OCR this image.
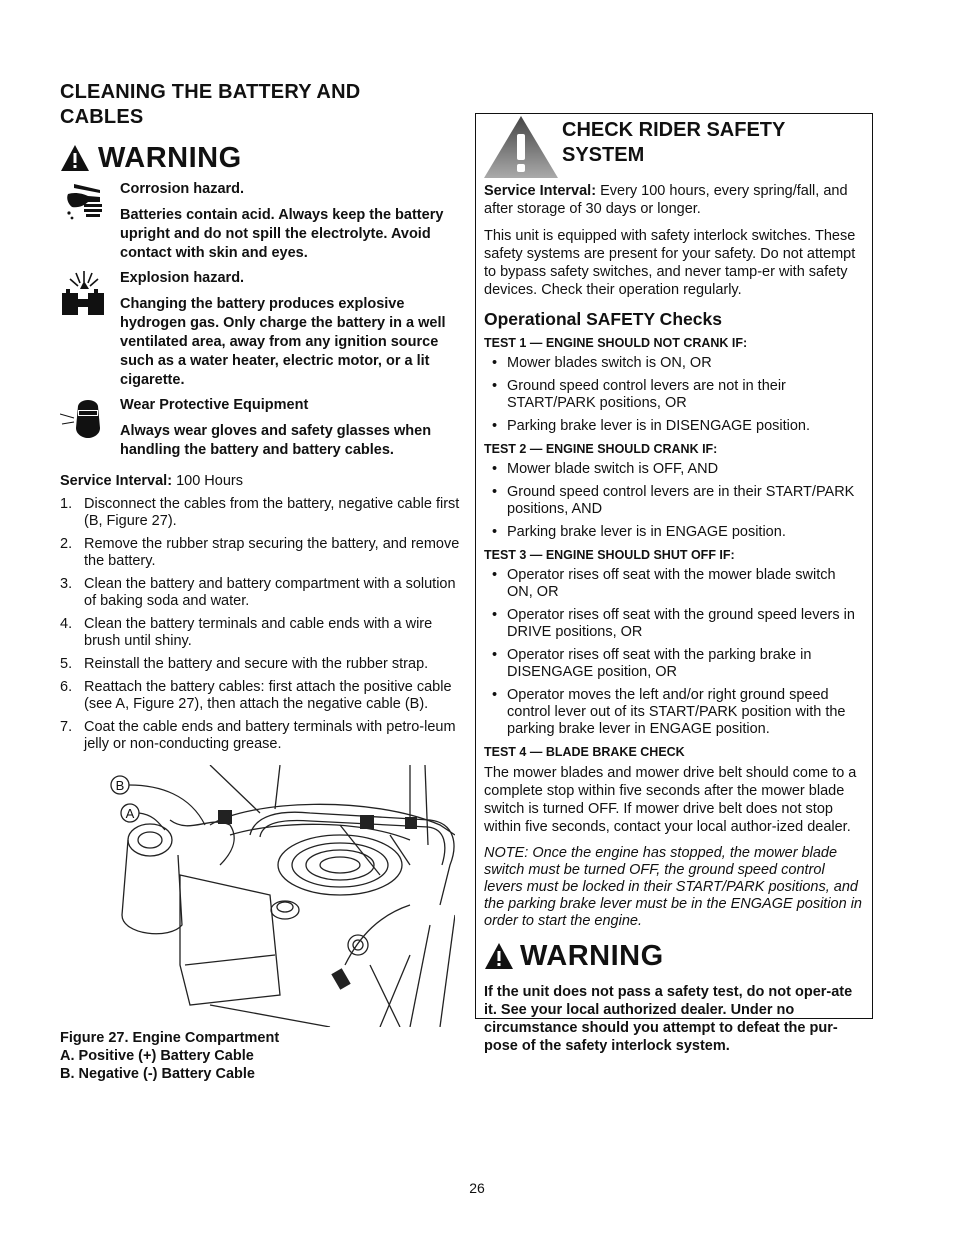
CLEANING THE BATTERY AND
CABLES
WARNING
Corrosion hazard.
Batteries contain acid. Always keep the battery upright and do not spill the electrolyte. Avoid contact with skin and eyes.
Explosion hazard.
Changing the battery produces explosive hydrogen gas. Only charge the battery in a well ventilated area, away from any ignition source such as a water heater, electric motor, or a lit cigarette.
Wear Protective Equipment
Always wear gloves and safety glasses when handling the battery and battery cables.
Service Interval: 100 Hours
1. Disconnect the cables from the battery, negative cable first (B, Figure 27).
2. Remove the rubber strap securing the battery, and remove the battery.
3. Clean the battery and battery compartment with a solution of baking soda and water.
4. Clean the battery terminals and cable ends with a wire brush until shiny.
5. Reinstall the battery and secure with the rubber strap.
6. Reattach the battery cables: first attach the positive cable (see A, Figure 27), then attach the negative cable (B).
7. Coat the cable ends and battery terminals with petro-leum jelly or non-conducting grease.
B
A
Figure 27. Engine Compartment
A. Positive (+) Battery Cable
B. Negative (-) Battery Cable
CHECK RIDER SAFETY
SYSTEM

Service Interval: Every 100 hours, every spring/fall, and after storage of 30 days or longer.

This unit is equipped with safety interlock switches. These safety systems are present for your safety. Do not attempt to bypass safety switches, and never tamp-er with safety devices. Check their operation regularly.

Operational SAFETY Checks
TEST 1 — ENGINE SHOULD NOT CRANK IF:
• Mower blades switch is ON, OR
• Ground speed control levers are not in their START/PARK positions, OR
• Parking brake lever is in DISENGAGE position.
TEST 2 — ENGINE SHOULD CRANK IF:
• Mower blade switch is OFF, AND
• Ground speed control levers are in their START/PARK positions, AND
• Parking brake lever is in ENGAGE position.
TEST 3 — ENGINE SHOULD SHUT OFF IF:
• Operator rises off seat with the mower blade switch ON, OR
• Operator rises off seat with the ground speed levers in DRIVE positions, OR
• Operator rises off seat with the parking brake in DISENGAGE position, OR
• Operator moves the left and/or right ground speed control lever out of its START/PARK position with the parking brake lever in ENGAGE position.
TEST 4 — BLADE BRAKE CHECK

The mower blades and mower drive belt should come to a complete stop within five seconds after the mower blade switch is turned OFF. If mower drive belt does not stop within five seconds, contact your local author-ized dealer.

NOTE: Once the engine has stopped, the mower blade switch must be turned OFF, the ground speed control levers must be locked in their START/PARK positions, and the parking brake lever must be in the ENGAGE position in order to start the engine.

WARNING

If the unit does not pass a safety test, do not oper-ate it. See your local authorized dealer. Under no circumstance should you attempt to defeat the pur-pose of the safety interlock system.

26
